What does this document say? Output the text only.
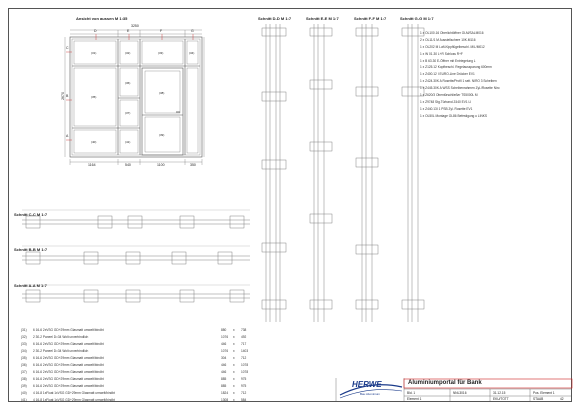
Ansicht von aussen M 1:35
3250
2670
D	E	F	G
C
B
A
(31)	(32)	(33)	(34)
(35)
(36)
(37)
(38)
(39)
(40)	(41)
1164	540	1100	350
Schnitt D-D M 1:7	Schnitt E-E M 1:7	Schnitt F-F M 1:7	Schnitt G-G M 1:7
Schnitt C-C M 1:7
Schnitt B-B M 1:7
Schnitt A-A M 1:7
1 x OL100.16 Oberlichtöffner OLM/SALM016
2 x OL11/1 M Ausstellschere 10K.M116
1 x OL202 M Luft-Kippflügelbeschl. M/L/M012
1 x W 01.30 L+R Schloss R+F
1 x B 63.30 E-Öffner mit Entriegelung L
1 x Z125.12 Kopfbeschl. Regelaussparung 600mm
1 x Z400.12 I EURO-Line Drücker EV1
1 x Z424.30K A Rosette/Profil 1 seit. NIRO 3 Scheiben
1 x Z445.30K A WSS Scheibenrahmen ZyL/Rosette Niro
1 x Z620/3 Obentürschließer TS5000L M
1 x Z9748 Stg.Türband Z440 EV1 LI
1 x Z440.13I 1 PSB Zyl. Rosette EV1
1 x OL50L Montage OL86 Befestigung u LINKS
(31) 6 16-6 2xVSG GD+29mm Glasmatt umwelt/bindbt	880 x 738
(32) 2 30-2 Paneel D=34 Wolt unverbindlich	1076 x 492
(33) 6 16-6 2xVSG GD+29mm Glasmatt umwelt/bindbt	446 x 717
(34) 2 30-2 Paneel D=34 Wolt unverbindlich	1076 x 1403
(35) 6 16-6 2xVSG GD+29mm Glasmatt umwelt/bindbt	304 x 712
(36) 6 16-6 2xVSG GD+29mm Glasmatt umwelt/bindbt	446 x 1078
(37) 6 16-6 2xVSG GD+29mm Glasmatt umwelt/bindbt	446 x 1078
(38) 6 16-6 2xVSG GD+29mm Glasmatt umwelt/bindbt	885 x 975
(39) 6 16-6 2xVSG GD+29mm Glasmatt umwelt/bindbt	885 x 975
(40) 4 16-8 1xFloat 1xVSG GD+29mm Glasmatt umwelt/bindbt	1824 x 712
(41) 4 16-8 1xFloat 1xVSG GD+29mm Glasmatt umwelt/bindbt	1308 x 584
HERWE
Bau Aluminium
Aluminiumportal für Bank
Bld. 1	NNL3016	31.12.15	Pos. Element 1
Element 1	EKU/TOTT	STAAB	42
